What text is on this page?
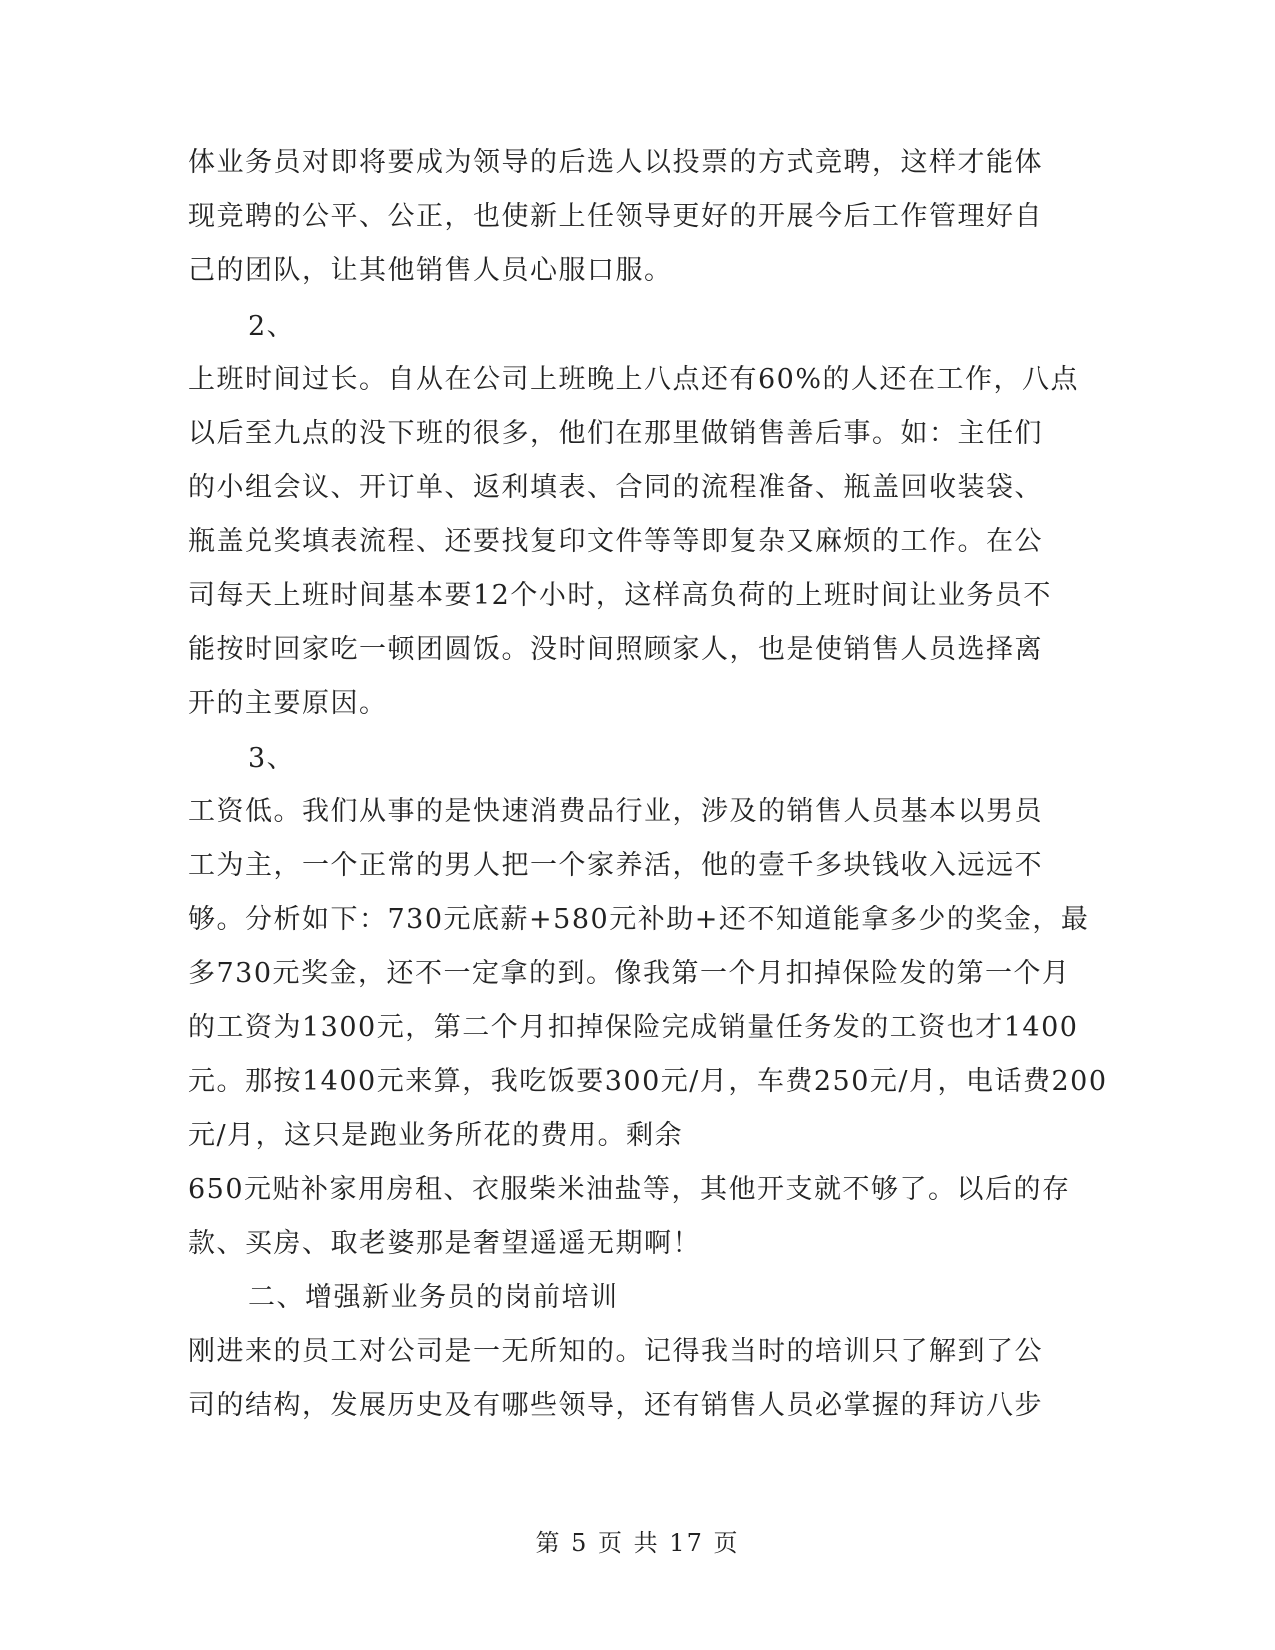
体业务员对即将要成为领导的后选人以投票的方式竞聘，这样才能体
现竞聘的公平、公正，也使新上任领导更好的开展今后工作管理好自
己的团队，让其他销售人员心服口服。
2、
上班时间过长。自从在公司上班晚上八点还有60%的人还在工作，八点
以后至九点的没下班的很多，他们在那里做销售善后事。如：主任们
的小组会议、开订单、返利填表、合同的流程准备、瓶盖回收装袋、
瓶盖兑奖填表流程、还要找复印文件等等即复杂又麻烦的工作。在公
司每天上班时间基本要12个小时，这样高负荷的上班时间让业务员不
能按时回家吃一顿团圆饭。没时间照顾家人，也是使销售人员选择离
开的主要原因。
3、
工资低。我们从事的是快速消费品行业，涉及的销售人员基本以男员
工为主，一个正常的男人把一个家养活，他的壹千多块钱收入远远不
够。分析如下：730元底薪+580元补助+还不知道能拿多少的奖金，最
多730元奖金，还不一定拿的到。像我第一个月扣掉保险发的第一个月
的工资为1300元，第二个月扣掉保险完成销量任务发的工资也才1400
元。那按1400元来算，我吃饭要300元/月，车费250元/月，电话费200
元/月，这只是跑业务所花的费用。剩余
650元贴补家用房租、衣服柴米油盐等，其他开支就不够了。以后的存
款、买房、取老婆那是奢望遥遥无期啊！
二、增强新业务员的岗前培训
刚进来的员工对公司是一无所知的。记得我当时的培训只了解到了公
司的结构，发展历史及有哪些领导，还有销售人员必掌握的拜访八步
第 5 页 共 17 页
